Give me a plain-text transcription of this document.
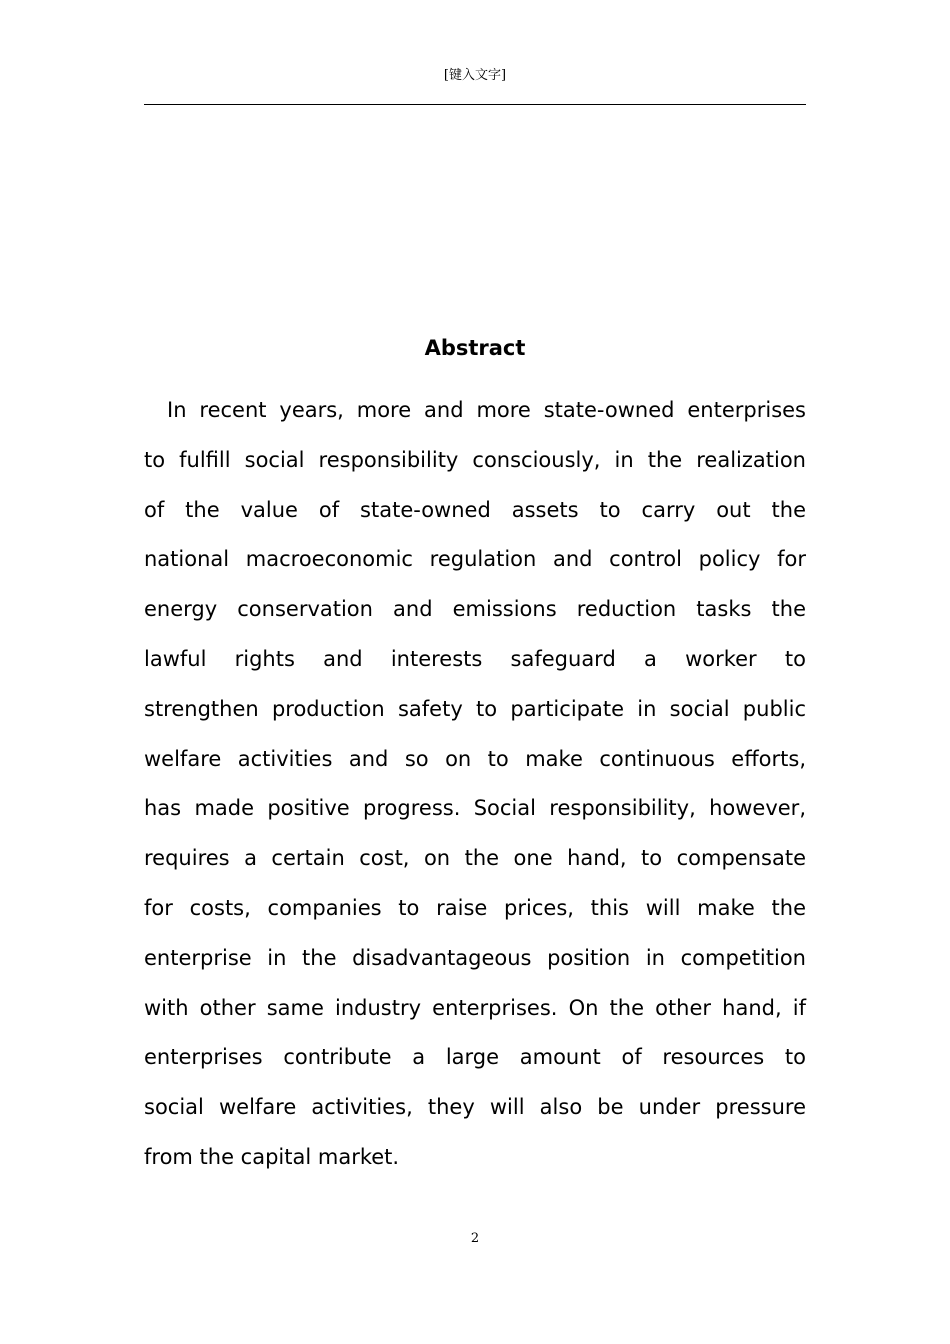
[键入文字]
Abstract
In recent years, more and more state-owned enterprises
to fulfill social responsibility consciously, in the realization
of the value of state-owned assets to carry out the
national macroeconomic regulation and control policy for
energy conservation and emissions reduction tasks the
lawful rights and interests safeguard a worker to
strengthen production safety to participate in social public
welfare activities and so on to make continuous efforts,
has made positive progress. Social responsibility, however,
requires a certain cost, on the one hand, to compensate
for costs, companies to raise prices, this will make the
enterprise in the disadvantageous position in competition
with other same industry enterprises. On the other hand, if
enterprises contribute a large amount of resources to
social welfare activities, they will also be under pressure
from the capital market.
2
